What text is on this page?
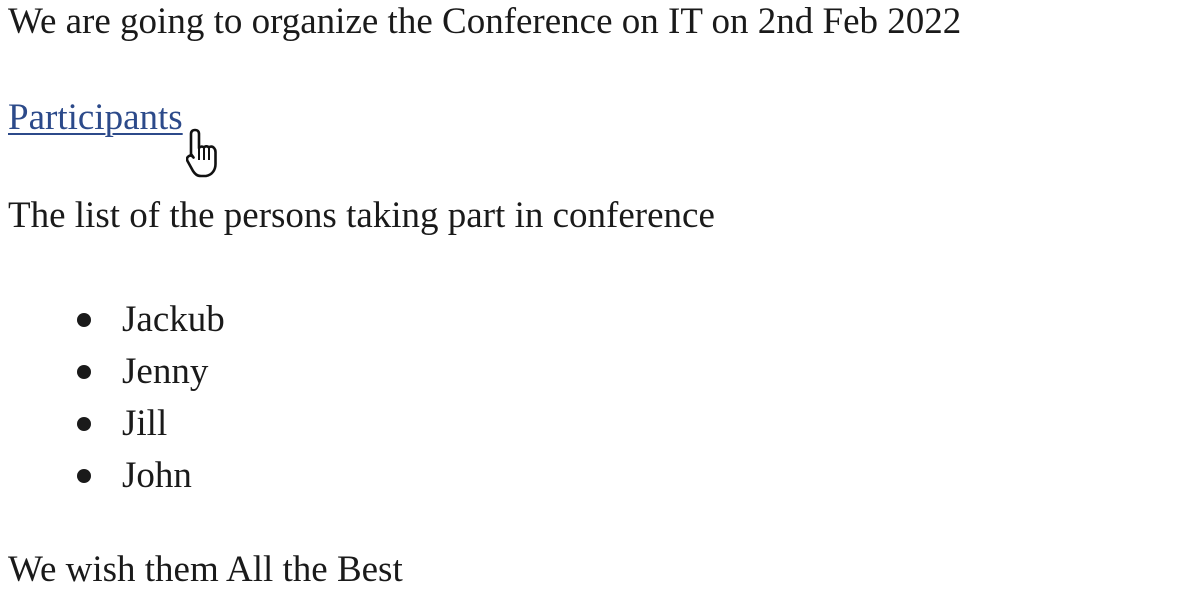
We are going to organize the Conference on IT on 2nd Feb 2022

Participants

The list of the persons taking part in conference

Jackub
Jenny
Jill
John

We wish them All the Best
